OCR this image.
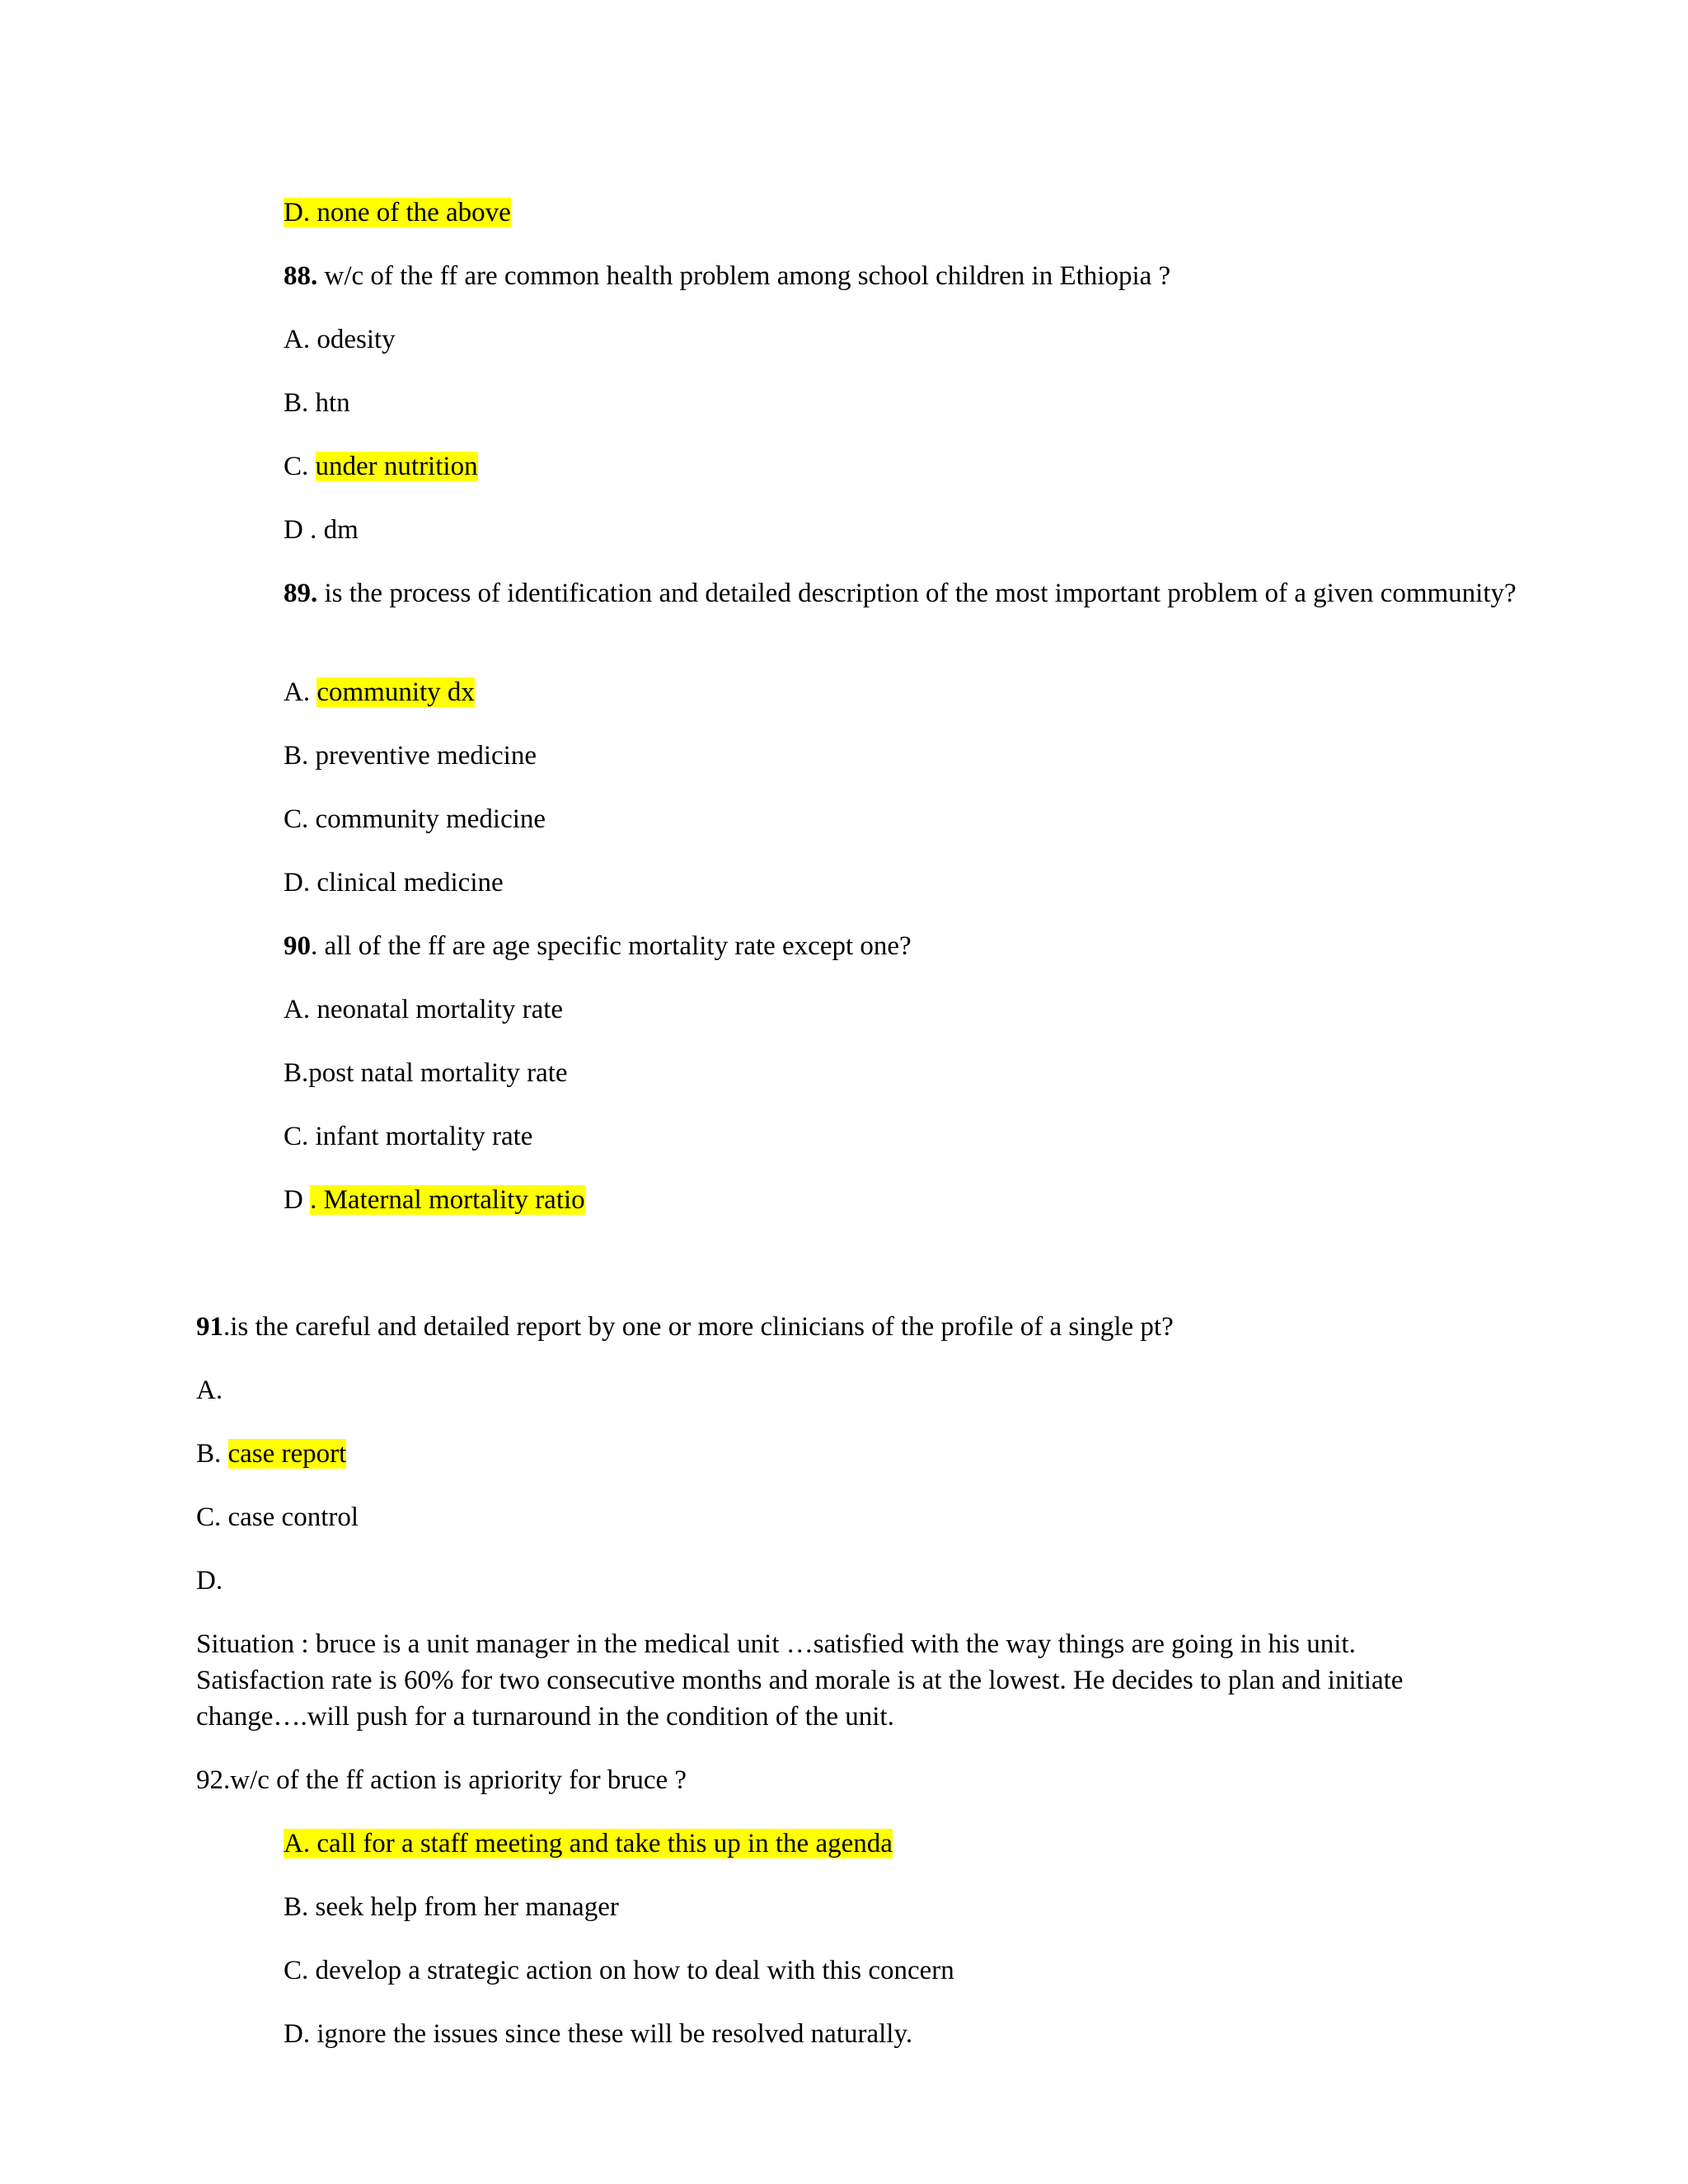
D. none of the above
88. w/c of the ff are common health problem among school children in Ethiopia ?
A. odesity
B. htn
C. under nutrition
D . dm
89. is the process of identification and detailed description of the most important problem of a given community?
A. community dx
B. preventive medicine
C. community medicine
D. clinical medicine
90. all of the ff are age specific mortality rate except one?
A. neonatal mortality rate
B.post natal mortality rate
C. infant mortality rate
D . Maternal mortality ratio
91.is the careful and detailed report by one or more clinicians of the profile of a single pt?
A.
B. case report
C. case control
D.
Situation : bruce is a unit manager in the medical unit …satisfied with the way things are going in his unit.
Satisfaction rate is 60% for two consecutive months and morale is at the lowest. He decides to plan and initiate
change….will push for a turnaround in the condition of the unit.
92.w/c of the ff action is apriority for bruce ?
A. call for a staff meeting and take this up in the agenda
B. seek help from her manager
C. develop a strategic action on how to deal with this concern
D. ignore the issues since these will be resolved naturally.
